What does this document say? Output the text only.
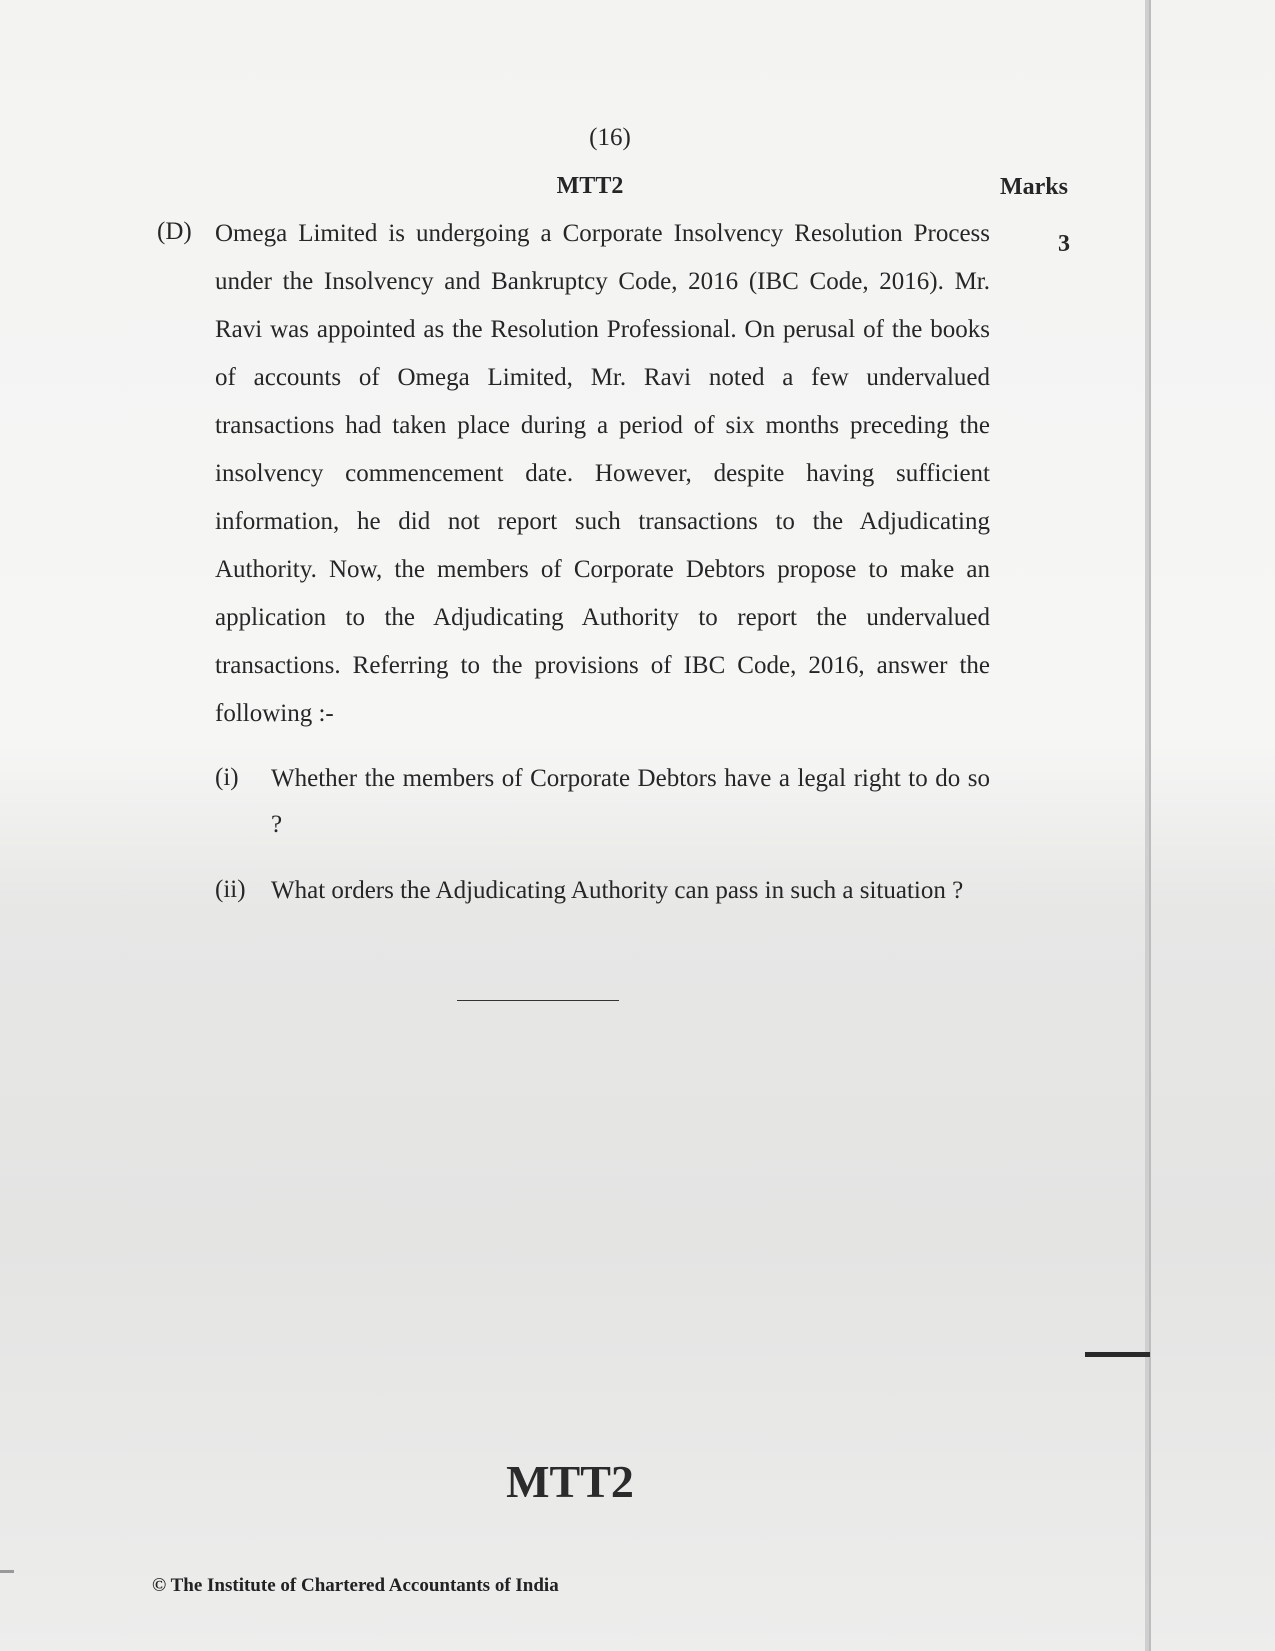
(16)
MTT2	Marks
(D)	3
Omega Limited is undergoing a Corporate Insolvency Resolution Process under the Insolvency and Bankruptcy Code, 2016 (IBC Code, 2016). Mr. Ravi was appointed as the Resolution Professional. On perusal of the books of accounts of Omega Limited, Mr. Ravi noted a few undervalued transactions had taken place during a period of six months preceding the insolvency commencement date. However, despite having sufficient information, he did not report such transactions to the Adjudicating Authority. Now, the members of Corporate Debtors propose to make an application to the Adjudicating Authority to report the undervalued transactions. Referring to the provisions of IBC Code, 2016, answer the following :-
(i) Whether the members of Corporate Debtors have a legal right to do so ?
(ii) What orders the Adjudicating Authority can pass in such a situation ?
MTT2
© The Institute of Chartered Accountants of India
